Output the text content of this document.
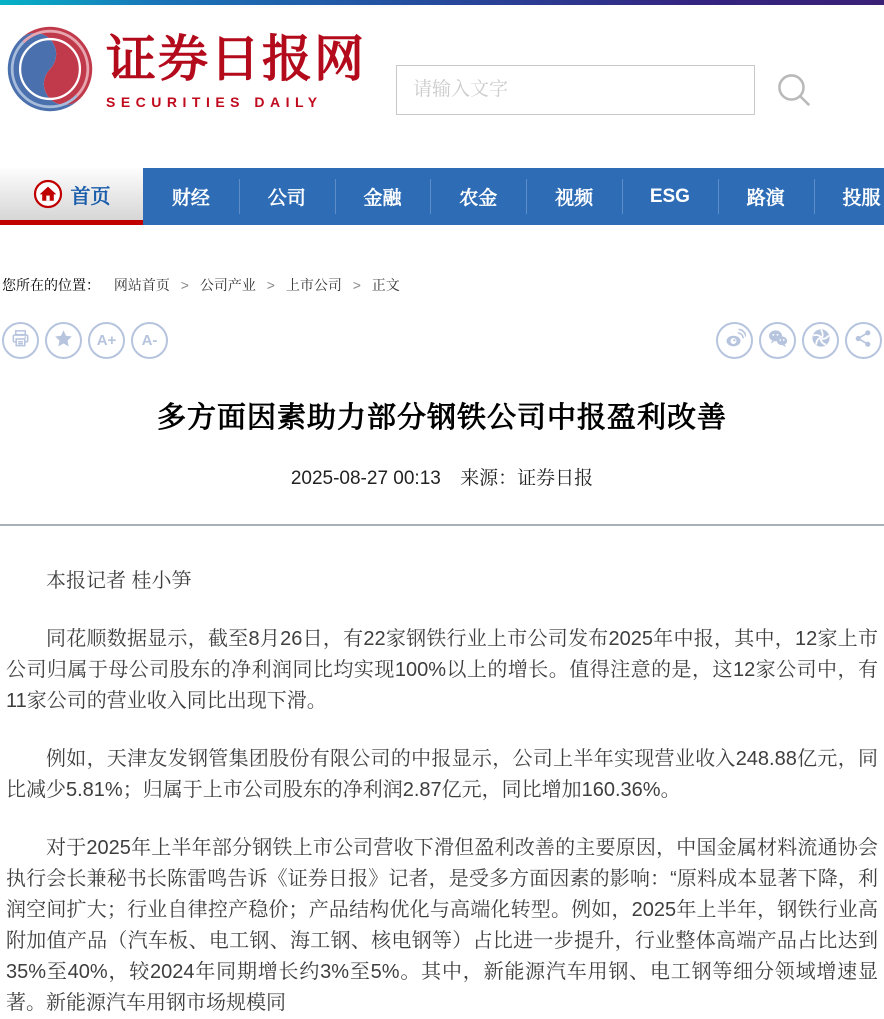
证券日报网
SECURITIES DAILY
请输入文字
首页	财经	公司	金融	农金	视频	ESG	路演	投服
您所在的位置： 网站首页 > 公司产业 > 上市公司 > 正文
A+ A-
多方面因素助力部分钢铁公司中报盈利改善
2025-08-27 00:13 来源：证券日报

本报记者 桂小笋

同花顺数据显示，截至8月26日，有22家钢铁行业上市公司发布2025年中报，其中，12家上市公司归属于母公司股东的净利润同比均实现100%以上的增长。值得注意的是，这12家公司中，有11家公司的营业收入同比出现下滑。

例如，天津友发钢管集团股份有限公司的中报显示，公司上半年实现营业收入248.88亿元，同比减少5.81%；归属于上市公司股东的净利润2.87亿元，同比增加160.36%。

对于2025年上半年部分钢铁上市公司营收下滑但盈利改善的主要原因，中国金属材料流通协会执行会长兼秘书长陈雷鸣告诉《证券日报》记者，是受多方面因素的影响：“原料成本显著下降，利润空间扩大；行业自律控产稳价；产品结构优化与高端化转型。例如，2025年上半年，钢铁行业高附加值产品（汽车板、电工钢、海工钢、核电钢等）占比进一步提升，行业整体高端产品占比达到35%至40%，较2024年同期增长约3%至5%。其中，新能源汽车用钢、电工钢等细分领域增速显著。新能源汽车用钢市场规模同
